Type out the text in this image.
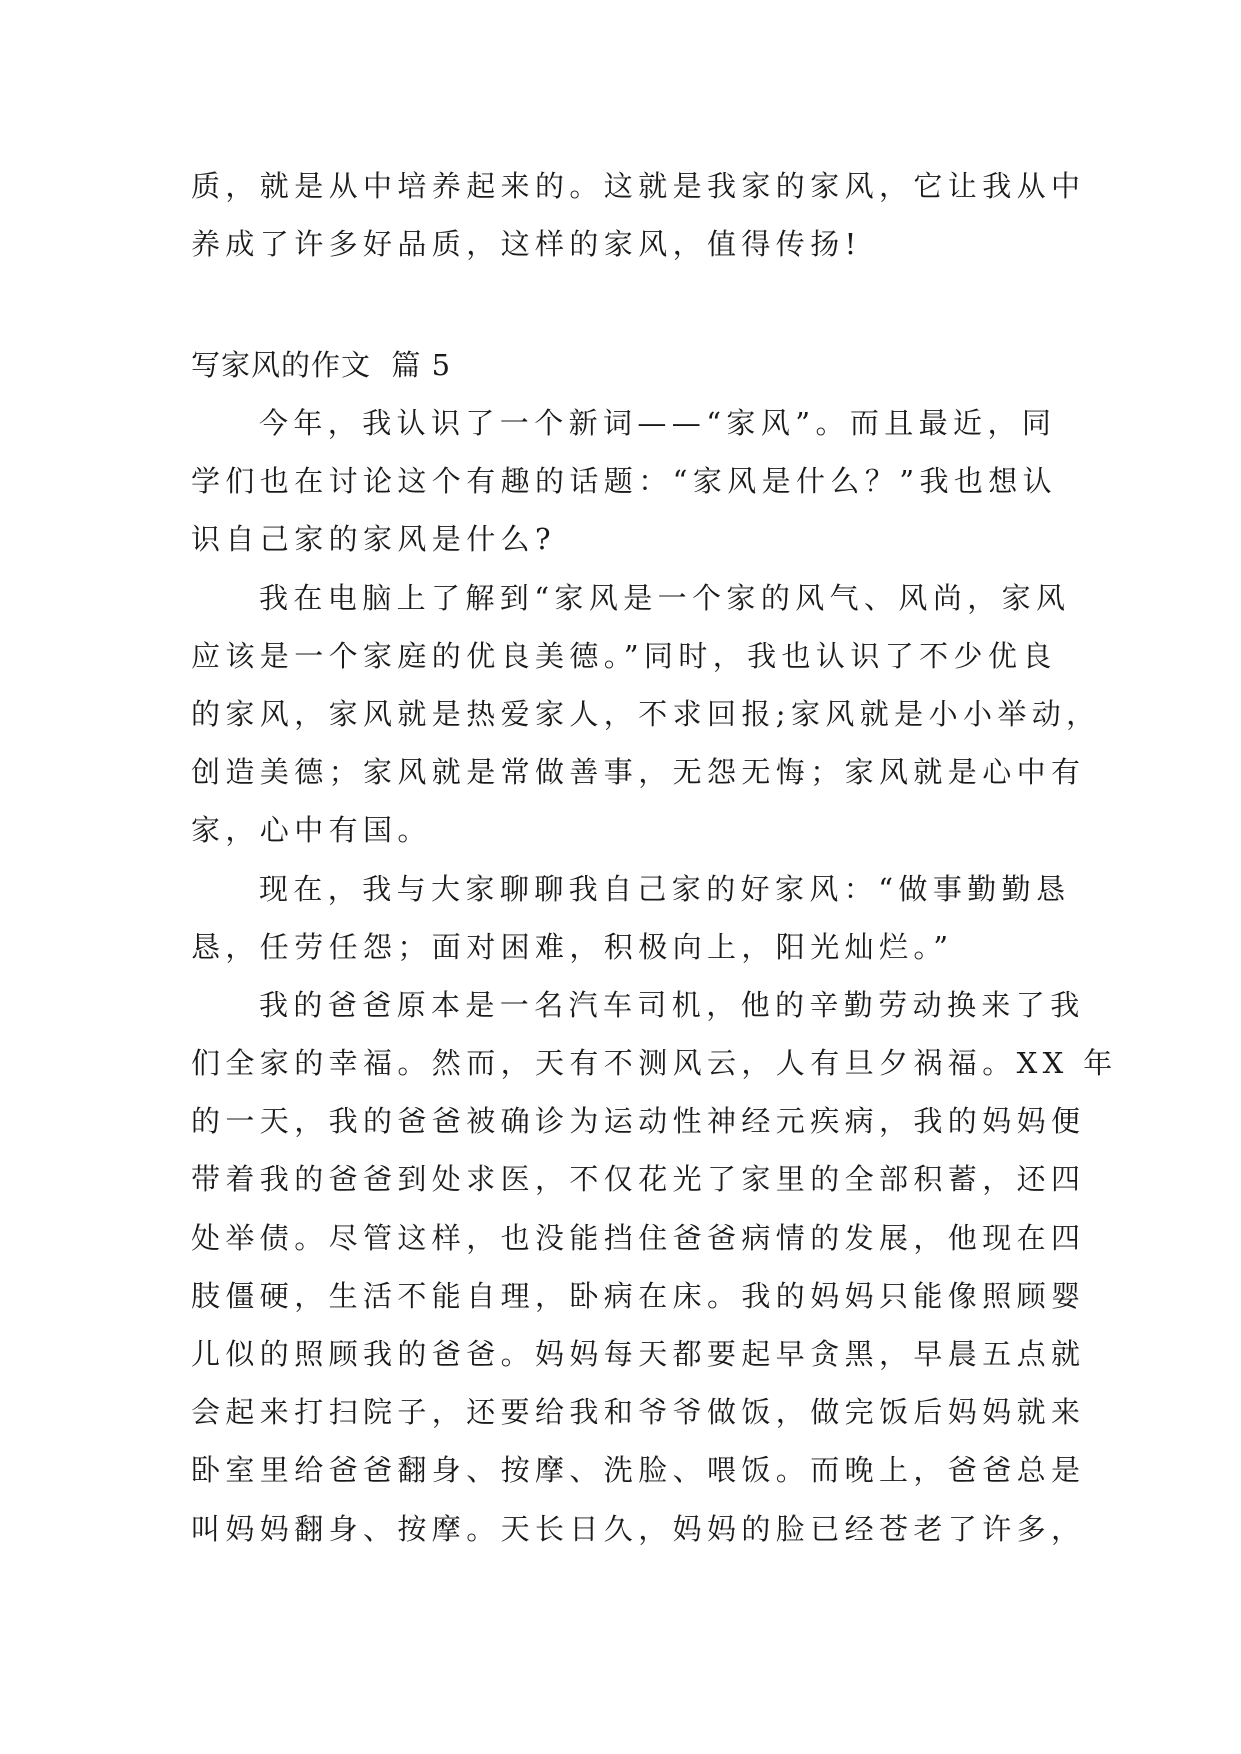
质，就是从中培养起来的。这就是我家的家风，它让我从中
养成了许多好品质，这样的家风，值得传扬!
写家风的作文  篇 5
今年，我认识了一个新词——“家风”。而且最近，同
学们也在讨论这个有趣的话题：“家风是什么？”我也想认
识自己家的家风是什么?
我在电脑上了解到“家风是一个家的风气、风尚，家风
应该是一个家庭的优良美德。”同时，我也认识了不少优良
的家风，家风就是热爱家人，不求回报;家风就是小小举动，
创造美德；家风就是常做善事，无怨无悔；家风就是心中有
家，心中有国。
现在，我与大家聊聊我自己家的好家风：“做事勤勤恳
恳，任劳任怨；面对困难，积极向上，阳光灿烂。”
我的爸爸原本是一名汽车司机，他的辛勤劳动换来了我
们全家的幸福。然而，天有不测风云，人有旦夕祸福。XX 年
的一天，我的爸爸被确诊为运动性神经元疾病，我的妈妈便
带着我的爸爸到处求医，不仅花光了家里的全部积蓄，还四
处举债。尽管这样，也没能挡住爸爸病情的发展，他现在四
肢僵硬，生活不能自理，卧病在床。我的妈妈只能像照顾婴
儿似的照顾我的爸爸。妈妈每天都要起早贪黑，早晨五点就
会起来打扫院子，还要给我和爷爷做饭，做完饭后妈妈就来
卧室里给爸爸翻身、按摩、洗脸、喂饭。而晚上，爸爸总是
叫妈妈翻身、按摩。天长日久，妈妈的脸已经苍老了许多，
